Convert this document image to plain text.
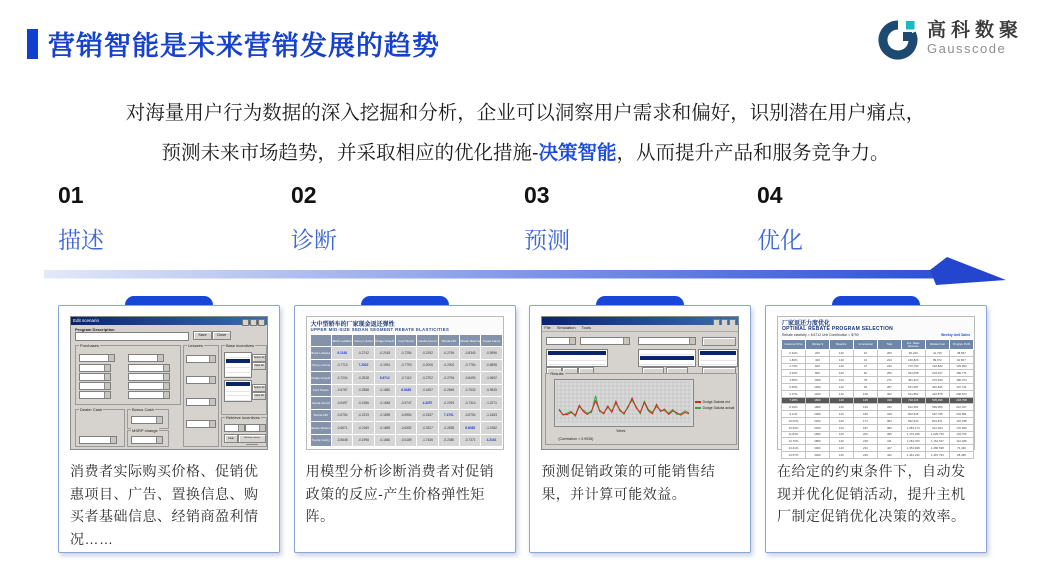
营销智能是未来营销发展的趋势
高科数聚
Gausscode
对海量用户行为数据的深入挖掘和分析，企业可以洞察用户需求和偏好，识别潜在用户痛点，
预测未来市场趋势，并采取相应的优化措施-决策智能，从而提升产品和服务竞争力。
01
描述
02
诊断
03
预测
04
优化
Edit scenario
Program Description
Save	Close
Purchases
Dealer Cash	Bonus Cash
MSRP change
Lessees	Base incentives
Select All
Clear All
Select All
Clear All
Retrieve incentives
Clear	Restore current environment
消费者实际购买价格、促销优惠项目、广告、置换信息、购买者基础信息、经销商盈利情况……
大中型轿车的厂家现金返还弹性
UPPER MID-SIZE SEDAN SEGMENT REBATE ELASTICITIES
	Buick LeSabre	Chevy Lumina	Dodge Intrepid	Ford Taurus	Honda Accord	Mazda 626	Nissan Maxima	Toyota Camry
Buick LeSabre	9.1148	-0.2742	-0.2018	-0.7254	-0.2192	-0.2794	-0.8340	-0.9996
Chevy Lumina	-0.7713	7.2522	-0.1991	-0.7793	-0.2006	-0.2002	-0.7754	-0.8858
Dodge Intrepid	-0.7204	-0.2528	8.6712	-0.7110	-0.2702	-0.2794	-0.8490	-1.0602
Ford Taurus	-0.6787	-0.2588	-0.1860	6.9488	-0.1697	-0.2669	-0.7530	-0.9925
Honda Accord	-0.5497	-0.1986	-0.1648	-0.5747	4.3257	-0.2293	-0.7314	-1.2271
Mazda 626	-0.6754	-0.2233	-0.1895	-0.6954	-0.2337	7.4791	-0.8754	-1.1663
Nissan Maxima	-0.6671	-0.2169	-0.1869	-0.6352	-0.3207	-0.2838	8.6088	-1.1982
Toyota Camry	-0.5648	-0.1998	-0.1660	-0.6189	-1.7436	-0.2380	-0.7371	4.2161
用模型分析诊断消费者对促销政策的反应-产生价格弹性矩阵。
File Simulation Tools
Results
Dodge Dakota est
Dodge Dakota actual
Week
(Correlation = 0.9035)
预测促销政策的可能销售结果，并计算可能效益。
厂家返还力度优化
OPTIMAL REBATE PROGRAM SELECTION
Rebate elasticity = 8.6712 Unit Contribution = $790	Weekly Unit Sales
Customer Price	Rebate $	Baseline	Incremental	Total	Incr. Sales Revenue	Rebate Cost	Program Profit
0.91%	200	140	16	209	90,240	41,710	48,847
1.82%	400	140	31	224	160,829	89,672	92,807
2.73%	600	140	47	240	270,794	140,842	129,952
3.64%	800	140	62	256	341,058	204,207	156,771
4.55%	1000	140	78	271	481,323	276,949	180,374
5.45%	1200	140	94	287	541,587	340,846	197,741
6.37%	1400	140	109	302	621,852	422,878	208,873
7.28%	1600	140	125	318	702,116	505,399	218,768
8.19%	1800	140	140	333	812,381	599,956	212,427
9.11%	2000	140	156	349	902,645	697,795	204,851
10.02%	2200	140	171	364	992,910	801,871	191,038
10.93%	2400	140	187	380	1,083,174	912,184	170,990
11.84%	2600	140	202	395	1,173,439	1,029,733	143,706
12.76%	2800	140	218	411	1,263,703	1,151,517	112,186
13.64%	3000	140	234	427	1,353,948	1,280,538	73,430
14.57%	3200	140	249	442	1,444,232	1,415,794	28,438
在给定的约束条件下，自动发现并优化促销活动，提升主机厂制定促销优化决策的效率。
